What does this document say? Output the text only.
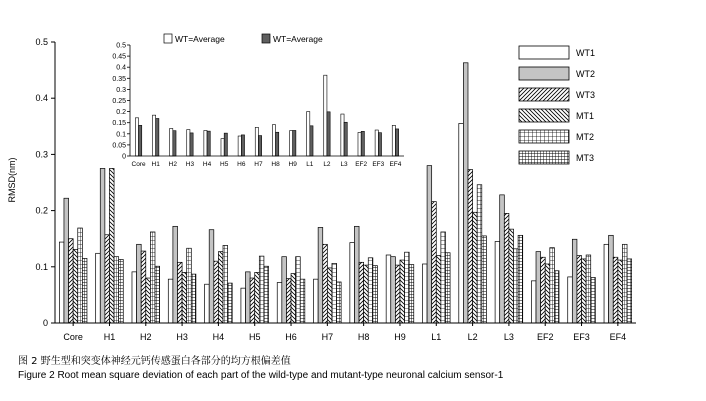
0
0.1
0.2
0.3
0.4
0.5
Core H1	H2	H3	H4	H5	H6	H7	H8	H9	L1	L2	L3	EF2 EF3 EF4
RMSD(nm)
WT1
WT2
WT3
MT1
MT2
MT3
0
0.05
0.1
0.15
0.2
0.25
0.3
0.35
0.4
0.45
0.5
Core H1 H2 H3 H4 H5 H6 H7 H8 H9 L1 L2 L3 EF2 EF3 EF4
WT=Average	WT=Average
图 2 野生型和突变体神经元钙传感蛋白各部分的均方根偏差值
Figure 2 Root mean square deviation of each part of the wild-type and mutant-type neuronal calcium sensor-1
